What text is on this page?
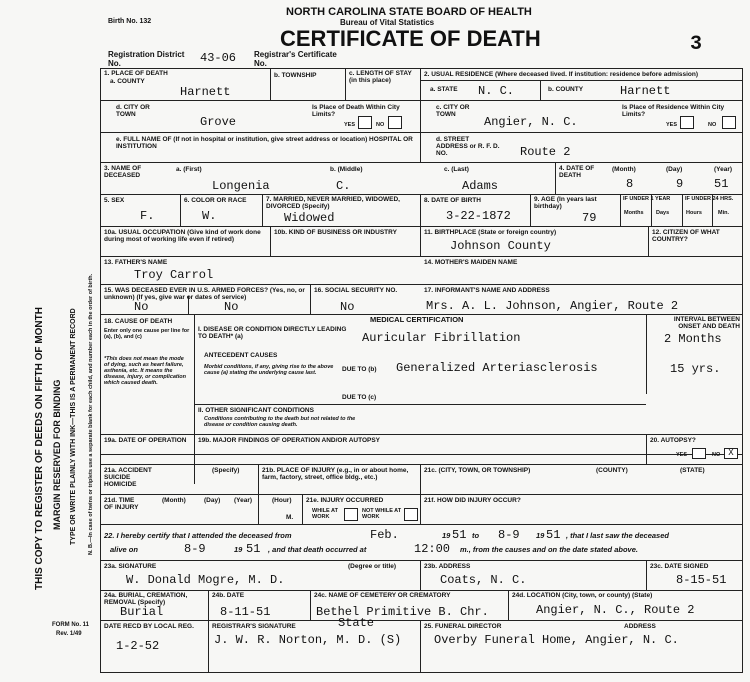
THIS COPY TO REGISTER OF DEEDS ON FIFTH OF MONTH MARGIN RESERVED FOR BINDING TYPE OR WRITE PLAINLY WITH INK—THIS IS A PERMANENT RECORD N. B.—In case of twins or triplets use a separate blank for each child, and number each in the order of birth.
FORM No. 11
Rev. 1/49
Birth No. 132
NORTH CAROLINA STATE BOARD OF HEALTH
Bureau of Vital Statistics
CERTIFICATE OF DEATH
Registration District No.	43-06 Registrar's Certificate No.
3
1. PLACE OF DEATH
a. COUNTY
Harnett
b. TOWNSHIP	c. LENGTH OF STAY (in this place)
2. USUAL RESIDENCE (Where deceased lived. If institution: residence before admission)
a. STATE N. C.	b. COUNTY	Harnett
d. CITY OR TOWN
Grove
Is Place of Death Within City Limits?
YES	NO
c. CITY OR TOWN
Angier, N. C.
Is Place of Residence Within City Limits?
YES	NO
e. FULL NAME OF (If not in hospital or institution, give street address or location) HOSPITAL OR INSTITUTION
d. STREET ADDRESS or R. F. D. NO.	Route 2
3. NAME OF DECEASED
a. (First)	b. (Middle)	c. (Last)
Longenia	C.	Adams
4. DATE OF DEATH
(Month)	(Day)	(Year)
8	9	51
5. SEX
F.
6. COLOR OR RACE
W.
7. MARRIED, NEVER MARRIED, WIDOWED, DIVORCED (Specify)
Widowed
8. DATE OF BIRTH
3-22-1872
9. AGE (In years last birthday)
79
IF UNDER 1 YEAR	IF UNDER 24 HRS.
Months Days	Hours	Min.
10a. USUAL OCCUPATION (Give kind of work done during most of working life even if retired)
10b. KIND OF BUSINESS OR INDUSTRY	11. BIRTHPLACE (State or foreign country)
Johnson County
12. CITIZEN OF WHAT COUNTRY?
13. FATHER'S NAME
Troy Carrol
14. MOTHER'S MAIDEN NAME
15. WAS DECEASED EVER IN U.S. ARMED FORCES? (Yes, no, or unknown) (If yes, give war or dates of service)
No	No
16. SOCIAL SECURITY NO.
No
17. INFORMANT'S NAME AND ADDRESS
Mrs. A. L. Johnson, Angier, Route 2
18. CAUSE OF DEATH
Enter only one cause per line for (a), (b), and (c)
*This does not mean the mode of dying, such as heart failure, asthenia, etc. It means the disease, injury, or complication which caused death.
MEDICAL CERTIFICATION	INTERVAL BETWEEN ONSET AND DEATH
I. DISEASE OR CONDITION DIRECTLY LEADING TO DEATH* (a)	Auricular Fibrillation	2 Months
ANTECEDENT CAUSES
Morbid conditions, if any, giving rise to the above cause (a) stating the underlying cause last.	DUE TO (b) Generalized Arteriasclerosis	15 yrs.
DUE TO (c)
II. OTHER SIGNIFICANT CONDITIONS
Conditions contributing to the death but not related to the disease or condition causing death.
19a. DATE OF OPERATION	19b. MAJOR FINDINGS OF OPERATION AND/OR AUTOPSY	20. AUTOPSY?
YES	NO X
21a. ACCIDENT SUICIDE HOMICIDE
(Specify)	21b. PLACE OF INJURY (e.g., in or about home, farm, factory, street, office bldg., etc.)
21c. (CITY, TOWN, OR TOWNSHIP)	(COUNTY)	(STATE)
21d. TIME OF INJURY
(Month)	(Day) (Year)	(Hour)
M.
21e. INJURY OCCURRED
WHILE AT WORK
NOT WHILE AT WORK
21f. HOW DID INJURY OCCUR?
22. I hereby certify that I attended the deceased from	19
Feb.	51 to 8-9 19 51 , that I last saw the deceased
alive on	8-9	19 51 , and that death occurred at	12:00 m., from the causes and on the date stated above.
23a. SIGNATURE	(Degree or title)
W. Donald Mogre, M. D.
23b. ADDRESS
Coats, N. C.
23c. DATE SIGNED
8-15-51
24a. BURIAL, CREMATION, REMOVAL (Specify)
Burial
24b. DATE
8-11-51
24c. NAME OF CEMETERY OR CREMATORY
Bethel Primitive B. Chr.
24d. LOCATION (City, town, or county) (State)
Angier, N. C., Route 2
DATE RECD BY LOCAL REG.
1-2-52
REGISTRAR'S SIGNATURE	State
J. W. R. Norton, M. D. (S)
25. FUNERAL DIRECTOR	ADDRESS
Overby Funeral Home, Angier, N. C.
